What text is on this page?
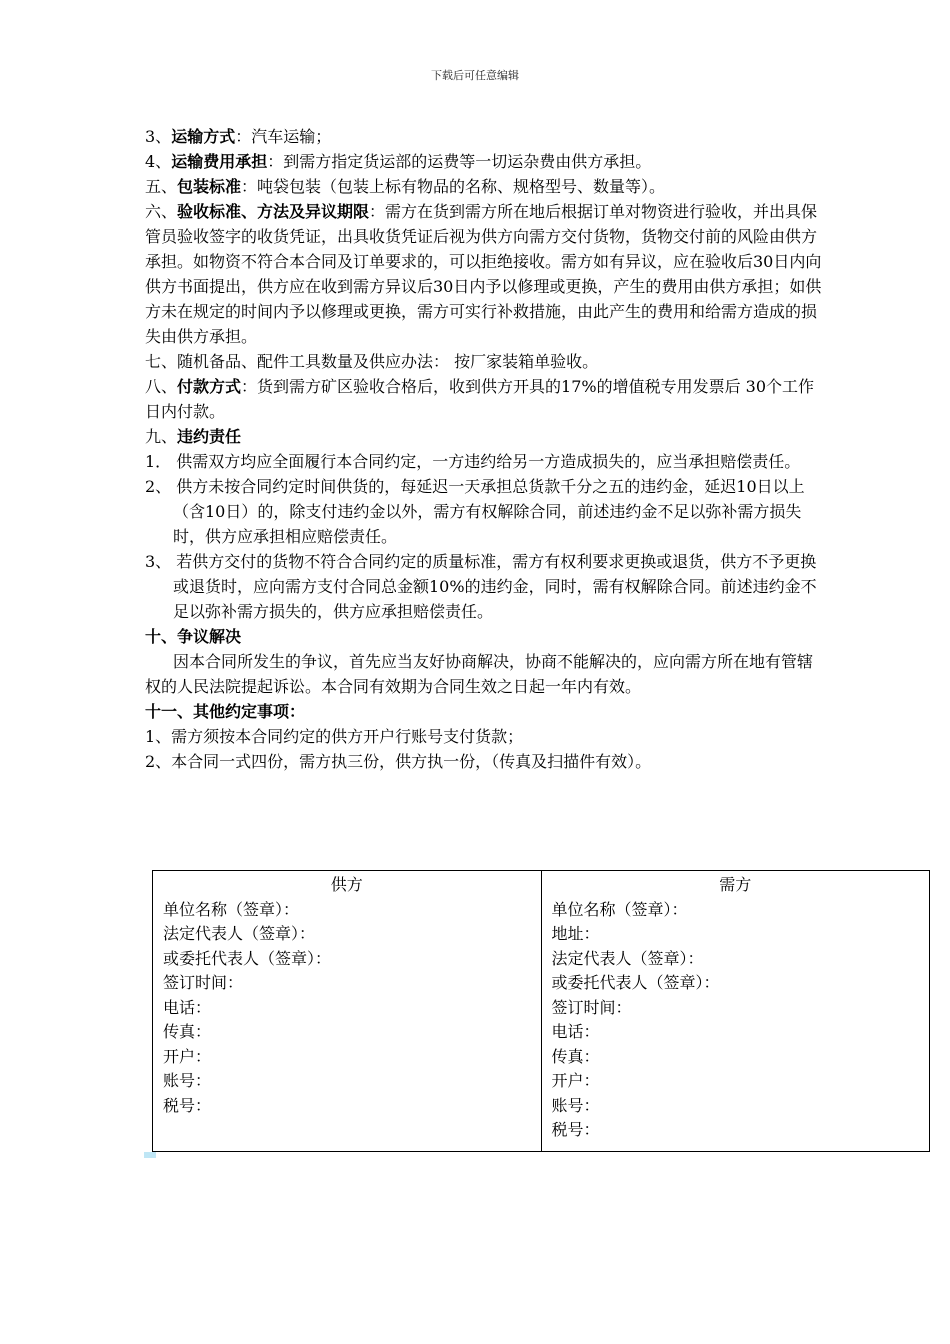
下载后可任意编辑

3、运输方式：汽车运输；

4、运输费用承担：到需方指定货运部的运费等一切运杂费由供方承担。

五、包装标准：吨袋包装（包装上标有物品的名称、规格型号、数量等）。

六、验收标准、方法及异议期限：需方在货到需方所在地后根据订单对物资进行验收，并出具保管员验收签字的收货凭证，出具收货凭证后视为供方向需方交付货物，货物交付前的风险由供方承担。如物资不符合本合同及订单要求的，可以拒绝接收。需方如有异议，应在验收后30日内向供方书面提出，供方应在收到需方异议后30日内予以修理或更换，产生的费用由供方承担；如供方未在规定的时间内予以修理或更换，需方可实行补救措施，由此产生的费用和给需方造成的损失由供方承担。

七、随机备品、配件工具数量及供应办法： 按厂家装箱单验收。

八、付款方式：货到需方矿区验收合格后，收到供方开具的17%的增值税专用发票后 30个工作日内付款。

九、违约责任

1． 供需双方均应全面履行本合同约定，一方违约给另一方造成损失的，应当承担赔偿责任。

2、 供方未按合同约定时间供货的，每延迟一天承担总货款千分之五的违约金，延迟10日以上（含10日）的，除支付违约金以外，需方有权解除合同，前述违约金不足以弥补需方损失时，供方应承担相应赔偿责任。

3、 若供方交付的货物不符合合同约定的质量标准，需方有权利要求更换或退货，供方不予更换或退货时，应向需方支付合同总金额10%的违约金，同时，需有权解除合同。前述违约金不足以弥补需方损失的，供方应承担赔偿责任。

十、争议解决

因本合同所发生的争议，首先应当友好协商解决，协商不能解决的，应向需方所在地有管辖权的人民法院提起诉讼。本合同有效期为合同生效之日起一年内有效。

十一、其他约定事项：

1、需方须按本合同约定的供方开户行账号支付货款；

2、本合同一式四份，需方执三份，供方执一份，（传真及扫描件有效）。

供方
单位名称（签章）：
法定代表人（签章）：
或委托代表人（签章）：
签订时间：
电话：
传真：
开户：
账号：
税号：

需方
单位名称（签章）：
地址：
法定代表人（签章）：
或委托代表人（签章）：
签订时间：
电话：
传真：
开户：
账号：
税号：
